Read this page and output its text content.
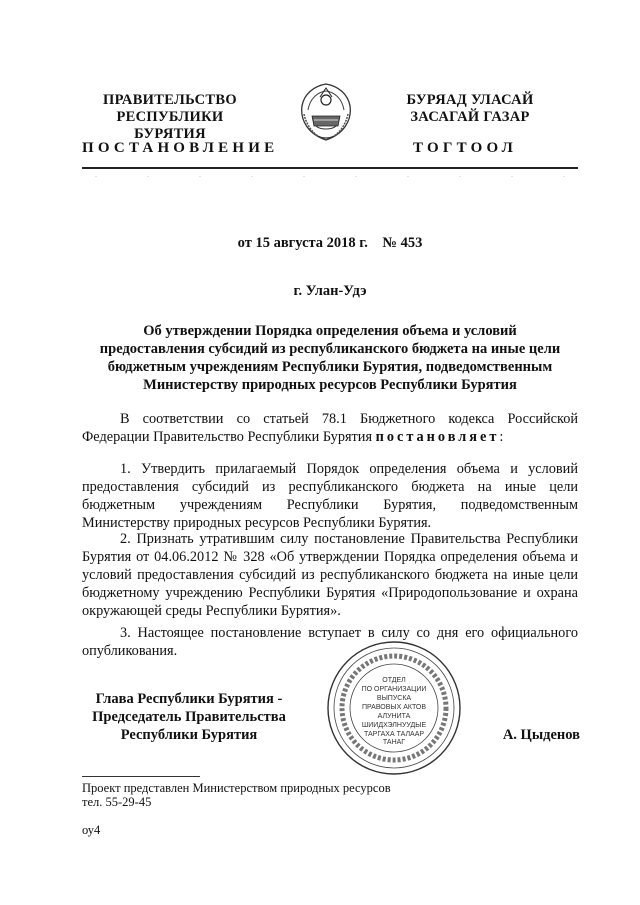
ПРАВИТЕЛЬСТВО
РЕСПУБЛИКИ БУРЯТИЯ
БУРЯАД УЛАСАЙ
ЗАСАГАЙ ГАЗАР
ПОСТАНОВЛЕНИЕ	ТОГТООЛ
от 15 августа 2018 г.    № 453
г. Улан-Удэ
Об утверждении Порядка определения объема и условий
предоставления субсидий из республиканского бюджета на иные цели
бюджетным учреждениям Республики Бурятия, подведомственным
Министерству природных ресурсов Республики Бурятия
В соответствии со статьей 78.1 Бюджетного кодекса Российской Федерации Правительство Республики Бурятия постановляет:
1. Утвердить прилагаемый Порядок определения объема и условий предоставления субсидий из республиканского бюджета на иные цели бюджетным учреждениям Республики Бурятия, подведомственным Министерству природных ресурсов Республики Бурятия.
2. Признать утратившим силу постановление Правительства Республики Бурятия от 04.06.2012 № 328 «Об утверждении Порядка определения объема и условий предоставления субсидий из республиканского бюджета на иные цели бюджетному учреждению Республики Бурятия «Природопользование и охрана окружающей среды Республики Бурятия».
3. Настоящее постановление вступает в силу со дня его официального опубликования.
Глава Республики Бурятия -
Председатель Правительства
Республики Бурятия	А. Цыденов
ОТДЕЛ
ПО ОРГАНИЗАЦИИ
ВЫПУСКА
ПРАВОВЫХ АКТОВ
АЛУНИТА
ШИИДХЭЛНУУДЫЕ
ТАРГАХА ТАЛААР
ТАНАГ
Проект представлен Министерством природных ресурсов
тел. 55-29-45
оу4
